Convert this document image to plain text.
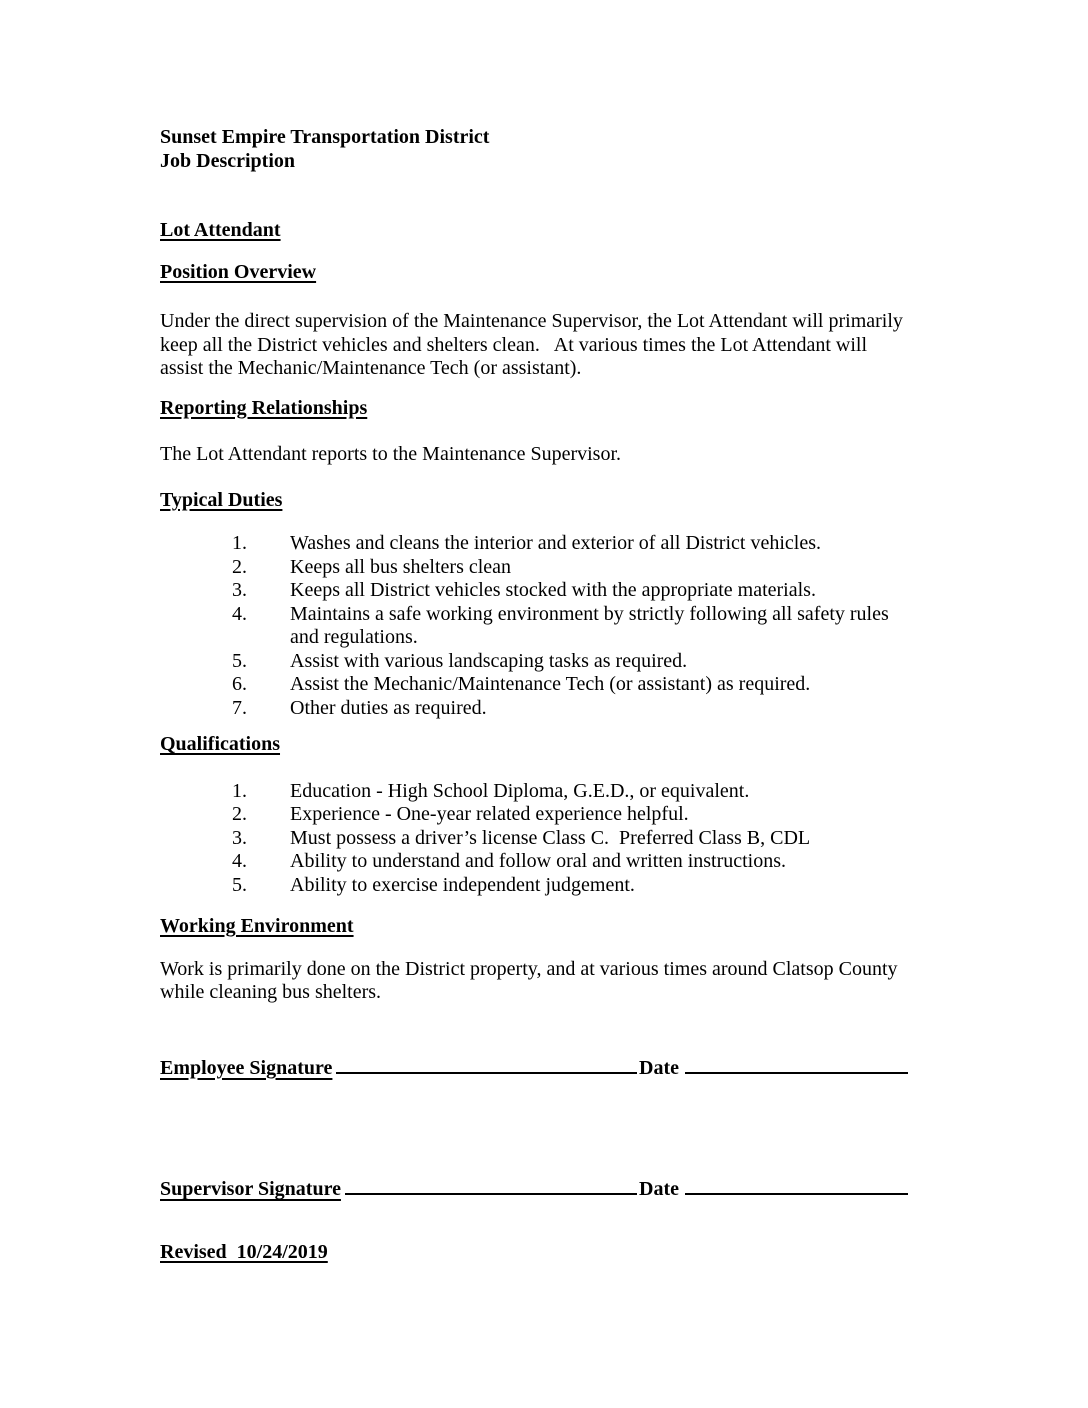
Sunset Empire Transportation District
Job Description
Lot Attendant
Position Overview
Under the direct supervision of the Maintenance Supervisor, the Lot Attendant will primarily keep all the District vehicles and shelters clean.   At various times the Lot Attendant will assist the Mechanic/Maintenance Tech (or assistant).
Reporting Relationships
The Lot Attendant reports to the Maintenance Supervisor.
Typical Duties
1.	Washes and cleans the interior and exterior of all District vehicles.
2.	Keeps all bus shelters clean
3.	Keeps all District vehicles stocked with the appropriate materials.
4.	Maintains a safe working environment by strictly following all safety rules and regulations.
5.	Assist with various landscaping tasks as required.
6.	Assist the Mechanic/Maintenance Tech (or assistant) as required.
7.	Other duties as required.
Qualifications
1.	Education - High School Diploma, G.E.D., or equivalent.
2.	Experience - One-year related experience helpful.
3.	Must possess a driver’s license Class C.  Preferred Class B, CDL
4.	Ability to understand and follow oral and written instructions.
5.	Ability to exercise independent judgement.
Working Environment
Work is primarily done on the District property, and at various times around Clatsop County while cleaning bus shelters.
Employee Signature	Date
Supervisor Signature	Date
Revised  10/24/2019
